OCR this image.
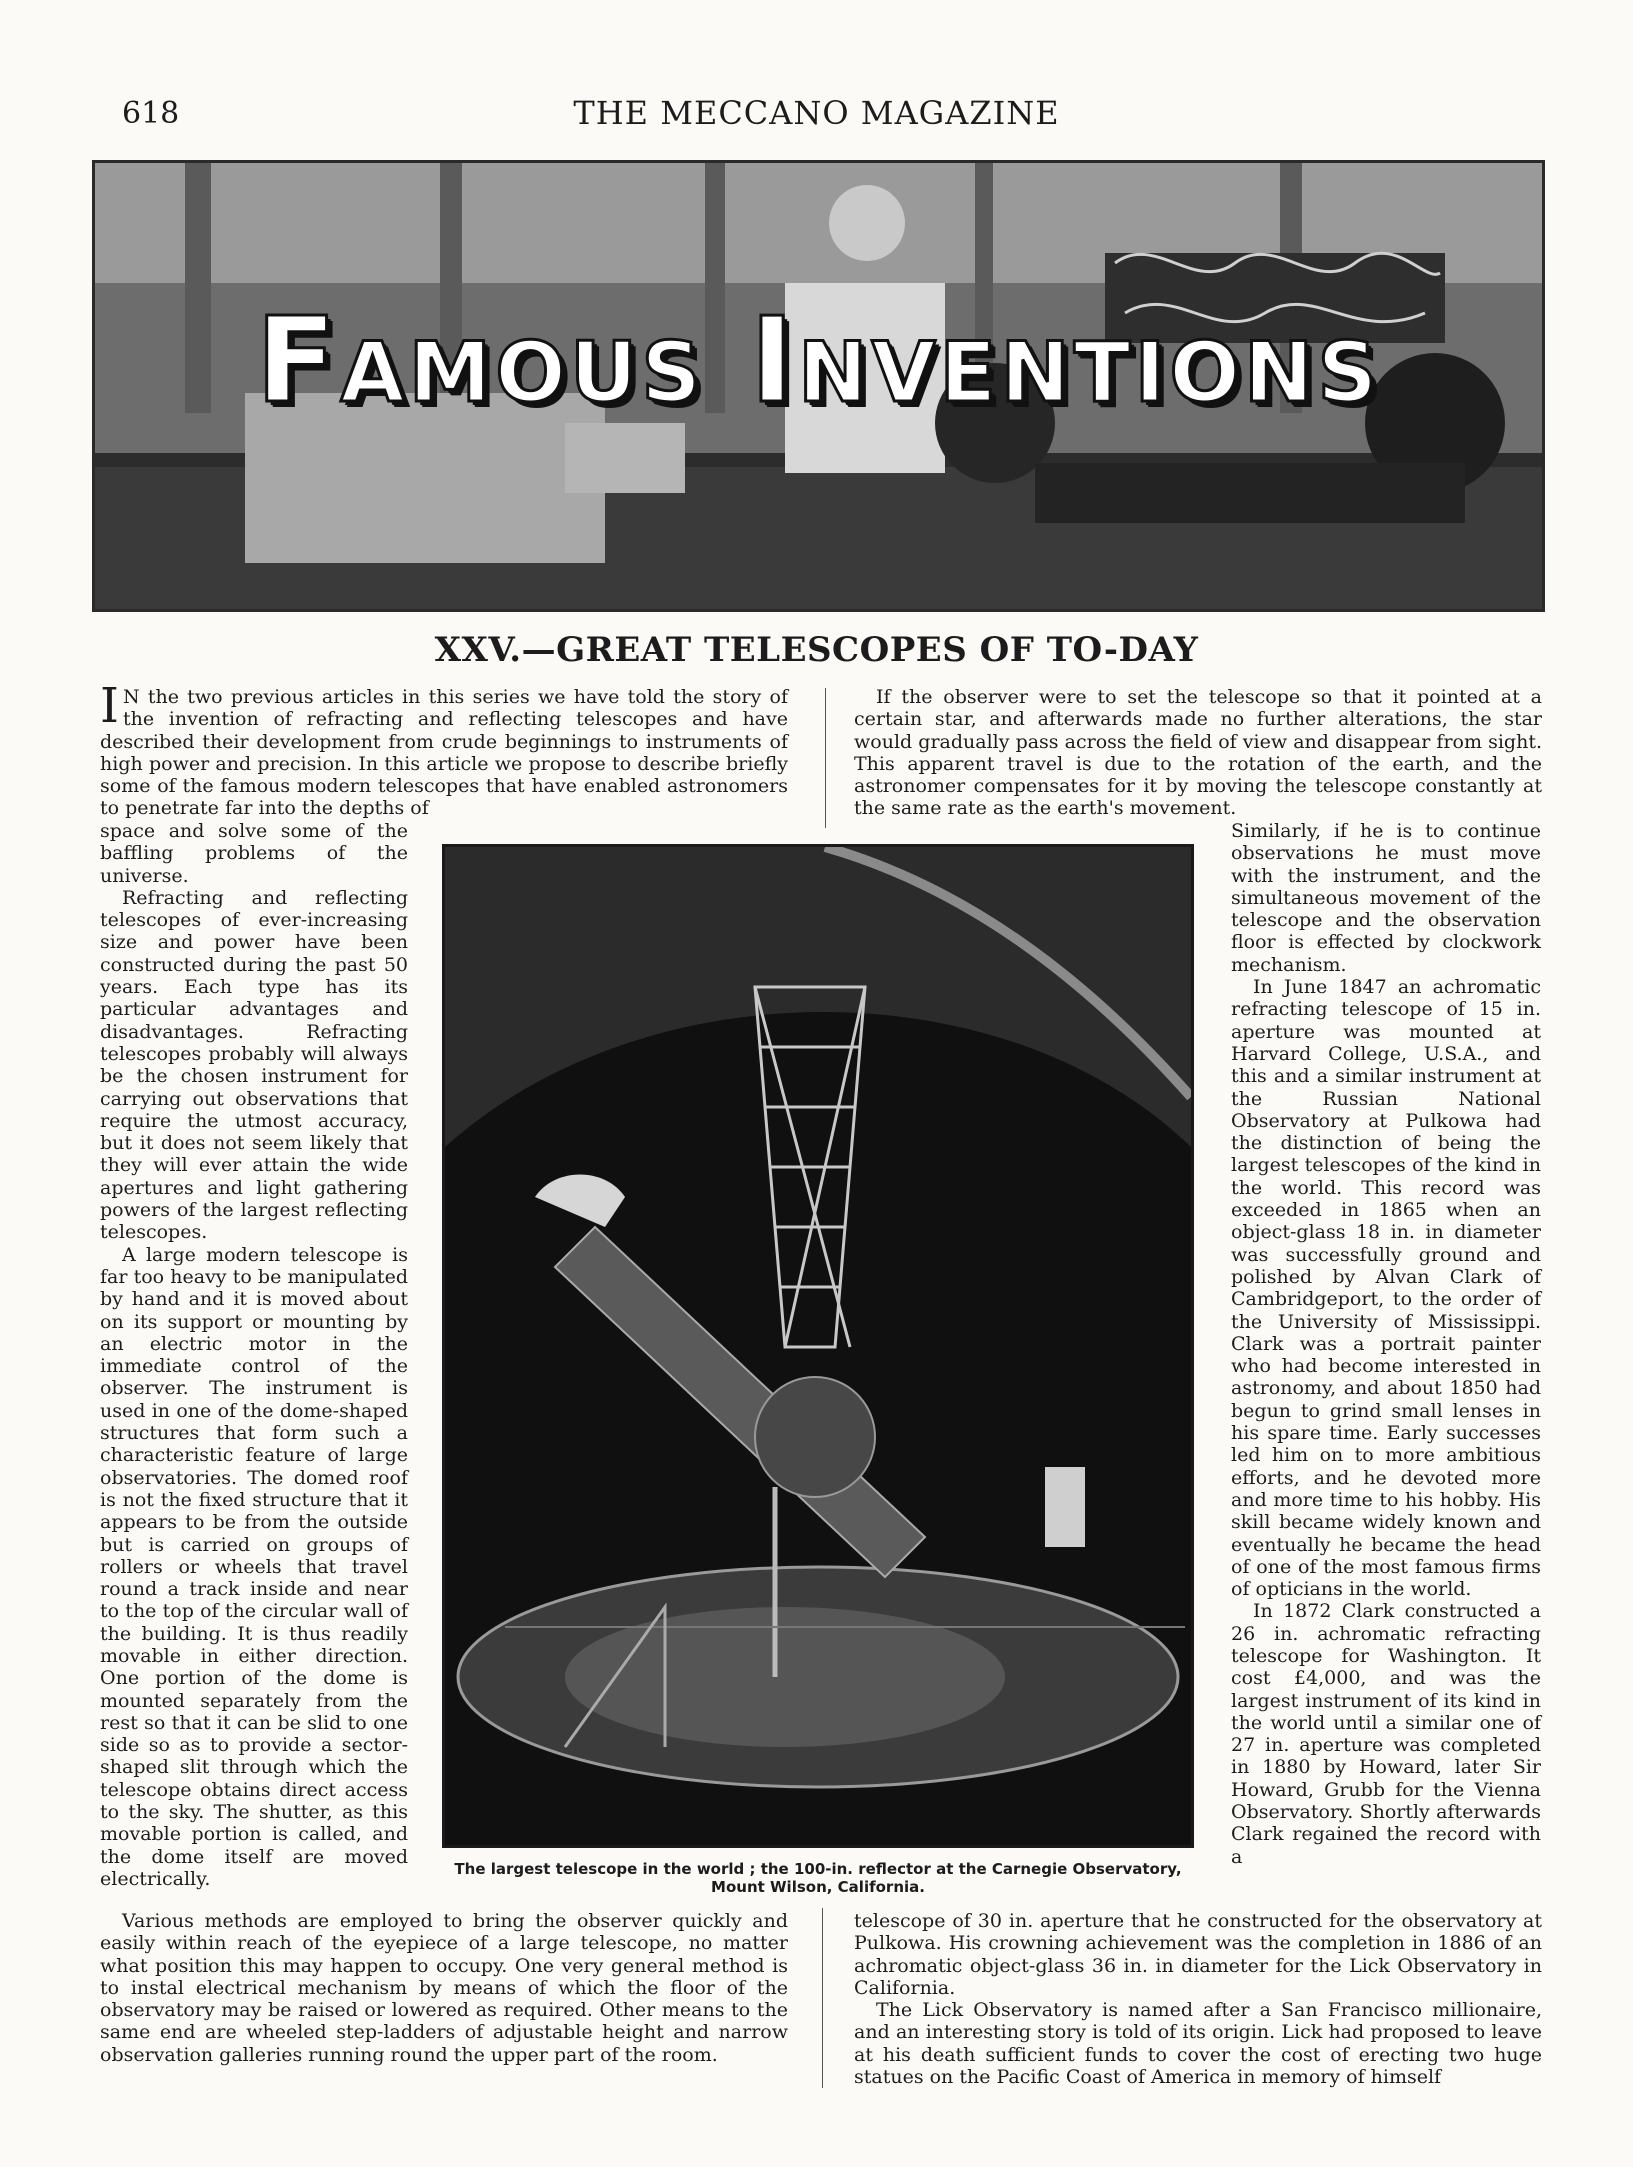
618	THE MECCANO MAGAZINE
Famous Inventions
XXV.—GREAT TELESCOPES OF TO-DAY

I N the two previous articles in this series we have told the story of the invention of refracting and reflecting telescopes and have described their development from crude beginnings to instruments of high power and precision. In this article we propose to describe briefly some of the famous modern telescopes that have enabled astronomers to penetrate far into the depths of

If the observer were to set the telescope so that it pointed at a certain star, and afterwards made no further alterations, the star would gradually pass across the field of view and disappear from sight. This apparent travel is due to the rotation of the earth, and the astronomer compensates for it by moving the telescope constantly at the same rate as the earth's movement.

space and solve some of the baffling problems of the universe.

Refracting and reflecting telescopes of ever-increasing size and power have been constructed during the past 50 years. Each type has its particular advantages and disadvantages. Refracting telescopes probably will always be the chosen instrument for carrying out observations that require the utmost accuracy, but it does not seem likely that they will ever attain the wide apertures and light gathering powers of the largest reflecting telescopes.

A large modern telescope is far too heavy to be manipulated by hand and it is moved about on its support or mounting by an electric motor in the immediate control of the observer. The instrument is used in one of the dome-shaped structures that form such a characteristic feature of large observatories. The domed roof is not the fixed structure that it appears to be from the outside but is carried on groups of rollers or wheels that travel round a track inside and near to the top of the circular wall of the building. It is thus readily movable in either direction. One portion of the dome is mounted separately from the rest so that it can be slid to one side so as to provide a sector-shaped slit through which the telescope obtains direct access to the sky. The shutter, as this movable portion is called, and the dome itself are moved electrically.	The largest telescope in the world ; the 100-in. reflector at the Carnegie Observatory, Mount Wilson, California.

Similarly, if he is to continue observations he must move with the instrument, and the simultaneous movement of the telescope and the observation floor is effected by clockwork mechanism.

In June 1847 an achromatic refracting telescope of 15 in. aperture was mounted at Harvard College, U.S.A., and this and a similar instrument at the Russian National Observatory at Pulkowa had the distinction of being the largest telescopes of the kind in the world. This record was exceeded in 1865 when an object-glass 18 in. in diameter was successfully ground and polished by Alvan Clark of Cambridgeport, to the order of the University of Mississippi. Clark was a portrait painter who had become interested in astronomy, and about 1850 had begun to grind small lenses in his spare time. Early successes led him on to more ambitious efforts, and he devoted more and more time to his hobby. His skill became widely known and eventually he became the head of one of the most famous firms of opticians in the world.

In 1872 Clark constructed a 26 in. achromatic refracting telescope for Washington. It cost £4,000, and was the largest instrument of its kind in the world until a similar one of 27 in. aperture was completed in 1880 by Howard, later Sir Howard, Grubb for the Vienna Observatory. Shortly afterwards Clark regained the record with a

Various methods are employed to bring the observer quickly and easily within reach of the eyepiece of a large telescope, no matter what position this may happen to occupy. One very general method is to instal electrical mechanism by means of which the floor of the observatory may be raised or lowered as required. Other means to the same end are wheeled step-ladders of adjustable height and narrow observation galleries running round the upper part of the room.

telescope of 30 in. aperture that he constructed for the observatory at Pulkowa. His crowning achievement was the completion in 1886 of an achromatic object-glass 36 in. in diameter for the Lick Observatory in California.

The Lick Observatory is named after a San Francisco millionaire, and an interesting story is told of its origin. Lick had proposed to leave at his death sufficient funds to cover the cost of erecting two huge statues on the Pacific Coast of America in memory of himself
